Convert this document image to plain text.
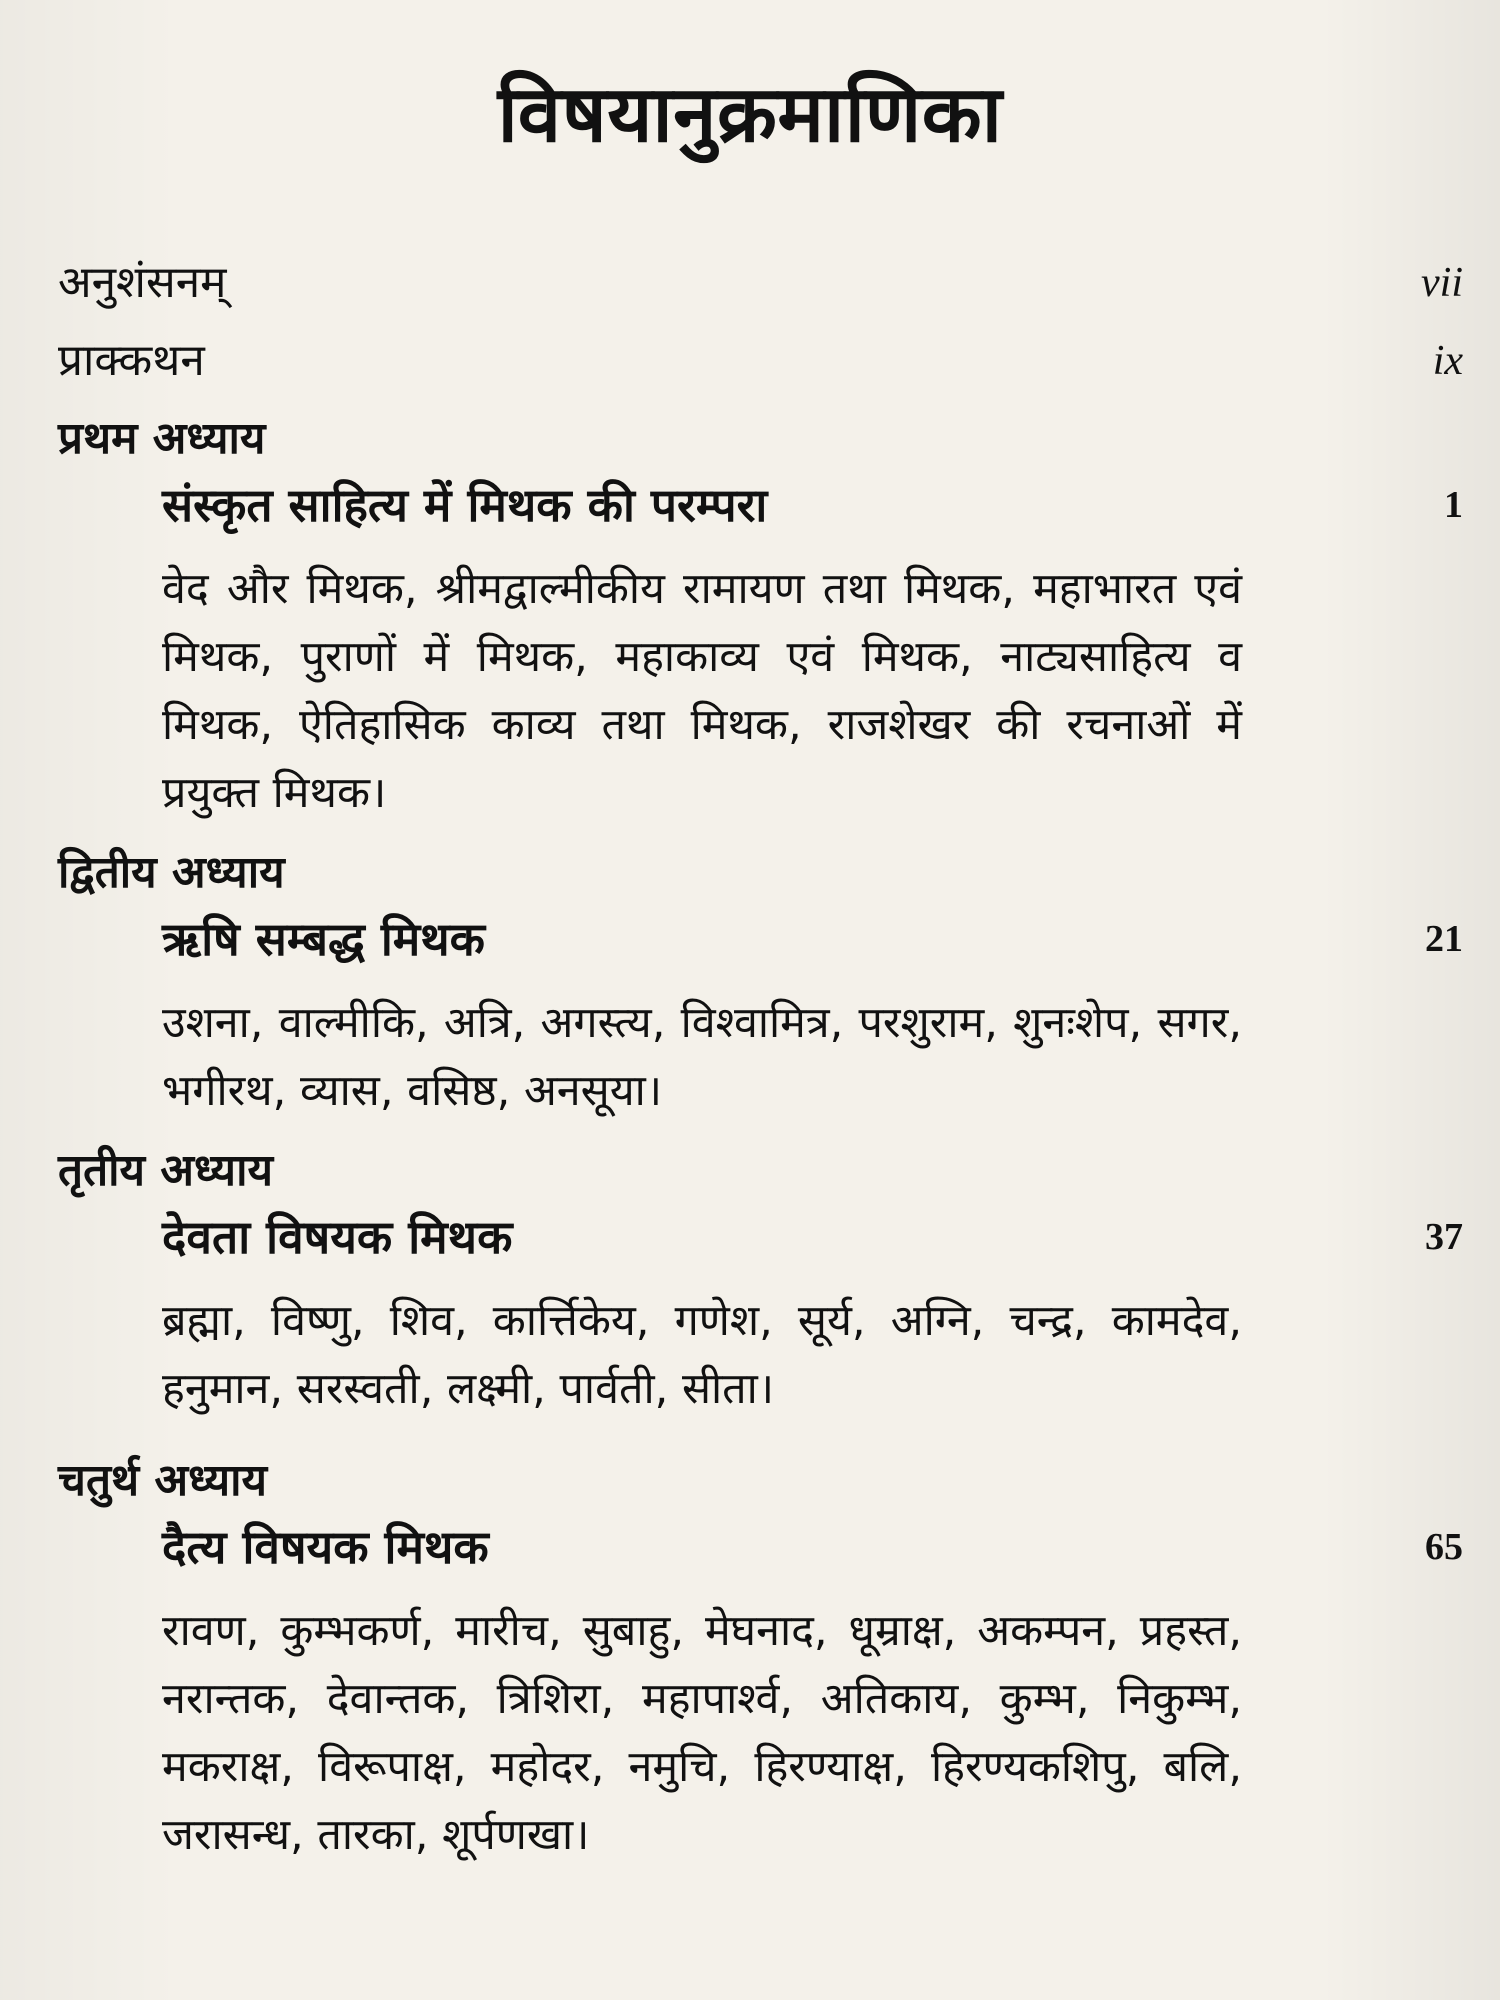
विषयानुक्रमाणिका
अनुशंसनम्	vii
प्राक्कथन	ix
प्रथम अध्याय
संस्कृत साहित्य में मिथक की परम्परा	1
वेद और मिथक, श्रीमद्वाल्मीकीय रामायण तथा मिथक, महाभारत एवं मिथक, पुराणों में मिथक, महाकाव्य एवं मिथक, नाट्यसाहित्य व मिथक, ऐतिहासिक काव्य तथा मिथक, राजशेखर की रचनाओं में प्रयुक्त मिथक।
द्वितीय अध्याय
ऋषि सम्बद्ध मिथक	21
उशना, वाल्मीकि, अत्रि, अगस्त्य, विश्वामित्र, परशुराम, शुनःशेप, सगर, भगीरथ, व्यास, वसिष्ठ, अनसूया।
तृतीय अध्याय
देवता विषयक मिथक	37
ब्रह्मा, विष्णु, शिव, कार्त्तिकेय, गणेश, सूर्य, अग्नि, चन्द्र, कामदेव, हनुमान, सरस्वती, लक्ष्मी, पार्वती, सीता।
चतुर्थ अध्याय
दैत्य विषयक मिथक	65
रावण, कुम्भकर्ण, मारीच, सुबाहु, मेघनाद, धूम्राक्ष, अकम्पन, प्रहस्त, नरान्तक, देवान्तक, त्रिशिरा, महापार्श्व, अतिकाय, कुम्भ, निकुम्भ, मकराक्ष, विरूपाक्ष, महोदर, नमुचि, हिरण्याक्ष, हिरण्यकशिपु, बलि, जरासन्ध, तारका, शूर्पणखा।
